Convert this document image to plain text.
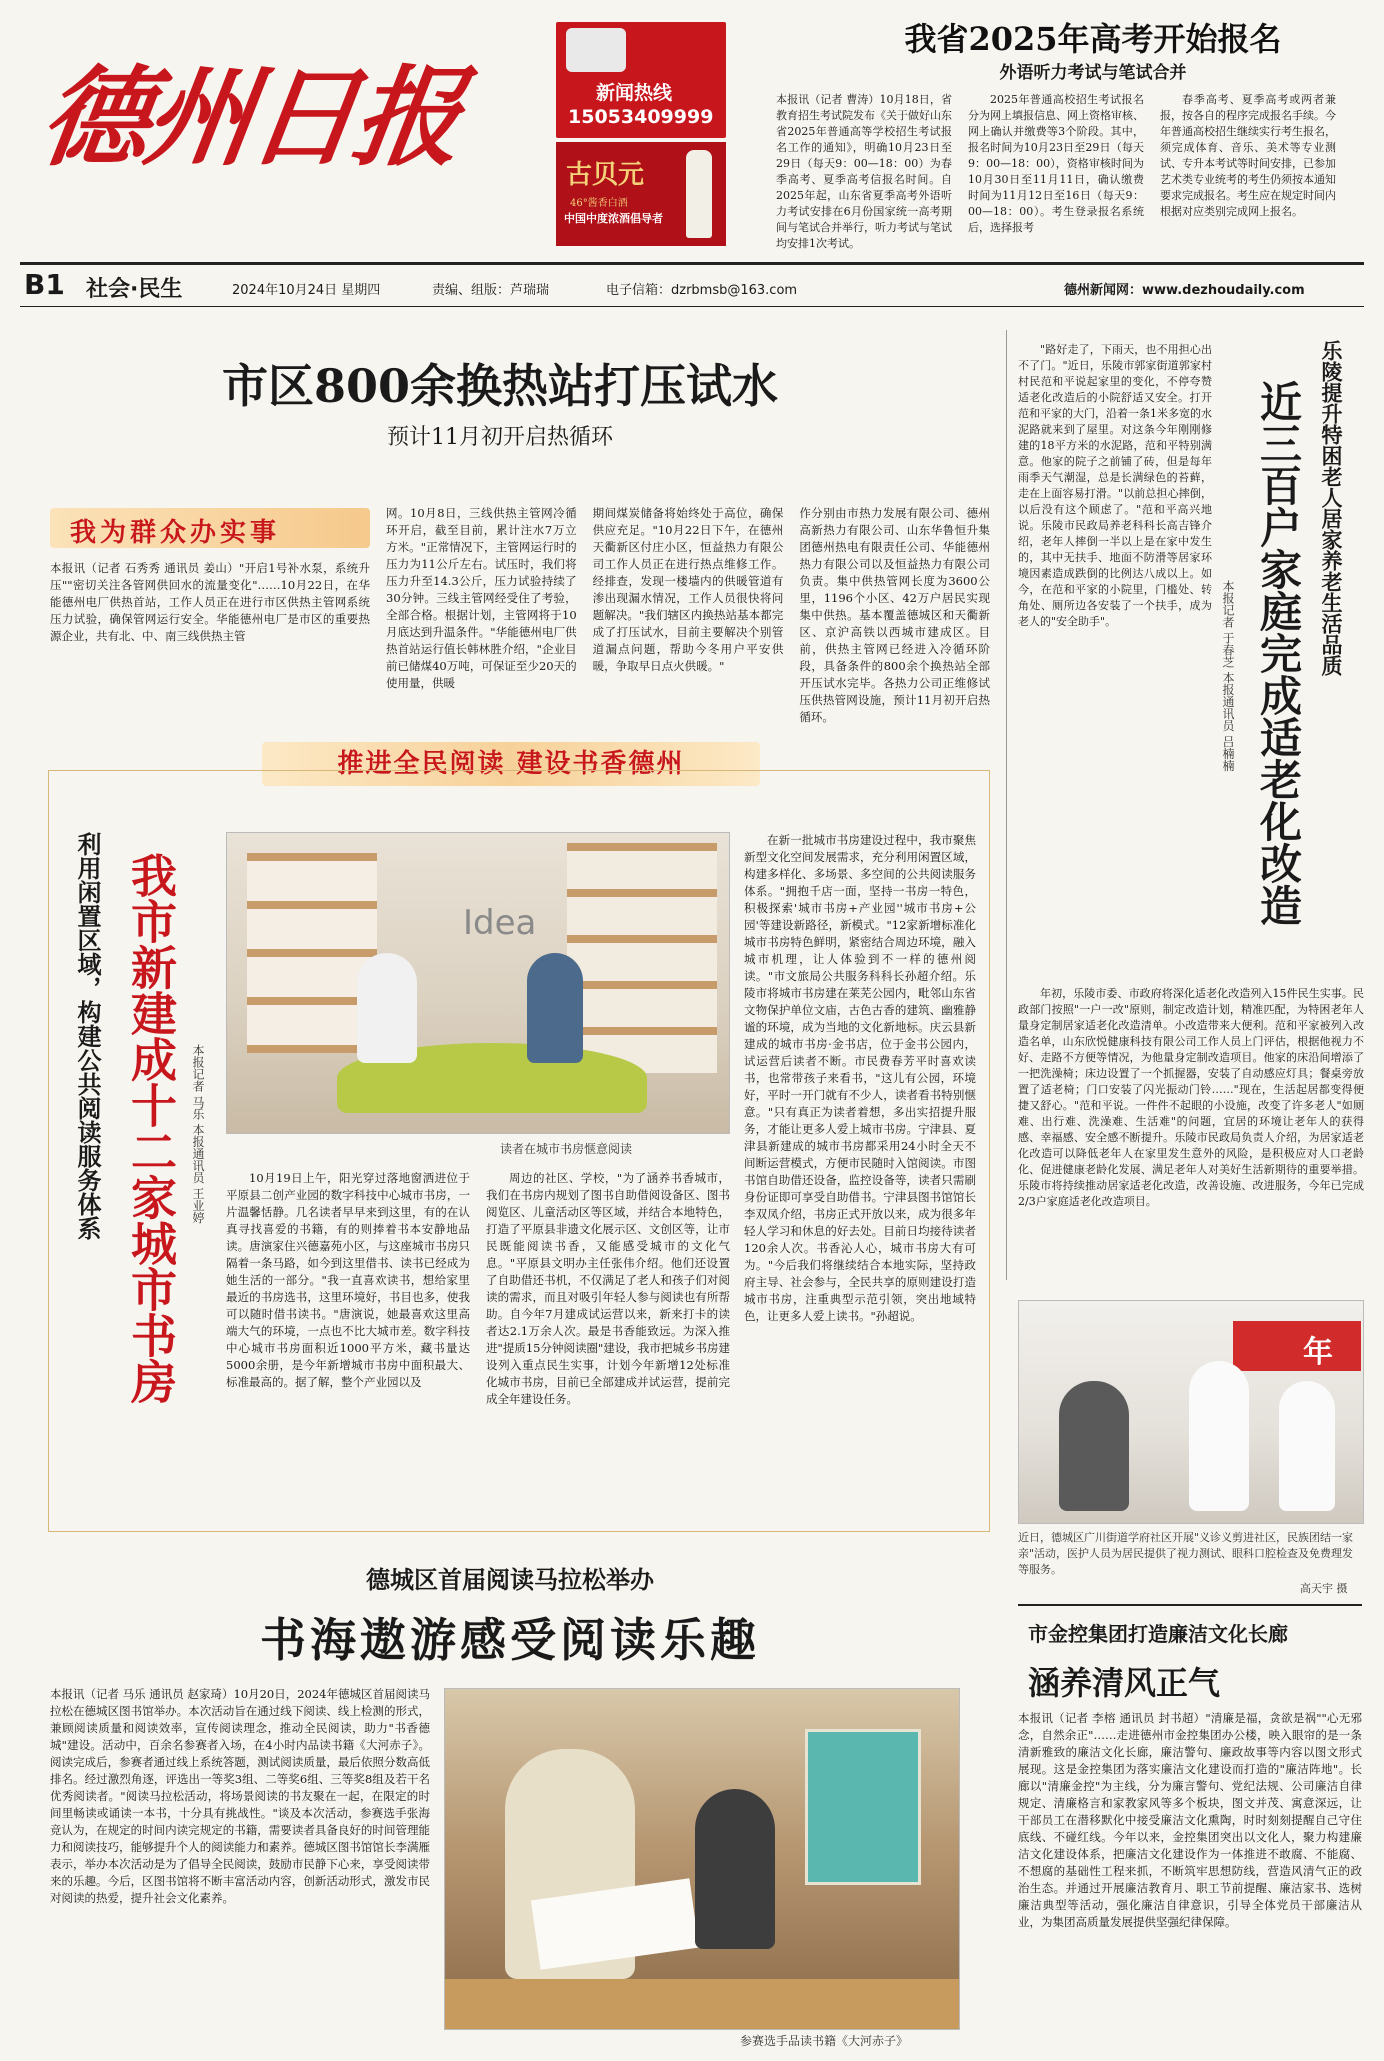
德州日报	新闻热线
15053409999
古贝元
46°酱香白酒
中国中度浓酒倡导者
我省2025年高考开始报名
外语听力考试与笔试合并

本报讯（记者 曹涛）10月18日，省教育招生考试院发布《关于做好山东省2025年普通高等学校招生考试报名工作的通知》，明确10月23日至29日（每天9：00—18：00）为春季高考、夏季高考信报名时间。自2025年起，山东省夏季高考外语听力考试安排在6月份国家统一高考期间与笔试合并举行，听力考试与笔试均安排1次考试。

2025年普通高校招生考试报名分为网上填报信息、网上资格审核、网上确认并缴费等3个阶段。其中，报名时间为10月23日至29日（每天9：00—18：00），资格审核时间为10月30日至11月11日，确认缴费时间为11月12日至16日（每天9：00—18：00）。考生登录报名系统后，选择报考

春季高考、夏季高考或两者兼报，按各自的程序完成报名手续。今年普通高校招生继续实行考生报名，须完成体育、音乐、美术等专业测试、专升本考试等时间安排，已参加艺术类专业统考的考生仍须按本通知要求完成报名。考生应在规定时间内根据对应类别完成网上报名。

B1 社会·民生	2024年10月24日 星期四	责编、组版：芦瑞瑞	电子信箱：dzrbmsb@163.com	德州新闻网：www.dezhoudaily.com
市区800余换热站打压试水
预计11月初开启热循环
我为群众办实事

本报讯（记者 石秀秀 通讯员 姜山）"开启1号补水泵，系统升压""密切关注各管网供回水的流量变化"……10月22日，在华能德州电厂供热首站，工作人员正在进行市区供热主管网系统压力试验，确保管网运行安全。华能德州电厂是市区的重要热源企业，共有北、中、南三线供热主管

网。10月8日，三线供热主管网冷循环开启，截至目前，累计注水7万立方米。"正常情况下，主管网运行时的压力为11公斤左右。试压时，我们将压力升至14.3公斤，压力试验持续了30分钟。三线主管网经受住了考验，全部合格。根据计划，主管网将于10月底达到升温条件。"华能德州电厂供热首站运行值长韩林胜介绍，"企业目前已储煤40万吨，可保证至少20天的使用量，供暖

期间煤炭储备将始终处于高位，确保供应充足。"10月22日下午，在德州天衢新区付庄小区，恒益热力有限公司工作人员正在进行热点维修工作。经排查，发现一楼墙内的供暖管道有渗出现漏水情况，工作人员很快将问题解决。"我们辖区内换热站基本都完成了打压试水，目前主要解决个别管道漏点问题，帮助今冬用户平安供暖，争取早日点火供暖。"

作分别由市热力发展有限公司、德州高新热力有限公司、山东华鲁恒升集团德州热电有限责任公司、华能德州热力有限公司以及恒益热力有限公司负责。集中供热管网长度为3600公里，1196个小区、42万户居民实现集中供热。基本覆盖德城区和天衢新区、京沪高铁以西城市建成区。目前，供热主管网已经进入冷循环阶段，具备条件的800余个换热站全部开压试水完毕。各热力公司正维修试压供热管网设施，预计11月初开启热循环。

乐陵提升特困老人居家养老生活品质
近三百户家庭完成适老化改造
本报记者 于春芝 本报通讯员 吕楠楠

"路好走了，下雨天，也不用担心出不了门。"近日，乐陵市郭家街道郭家村村民范和平说起家里的变化，不停夸赞适老化改造后的小院舒适又安全。打开范和平家的大门，沿着一条1米多宽的水泥路就来到了屋里。对这条今年刚刚修建的18平方米的水泥路，范和平特别满意。他家的院子之前铺了砖，但是每年雨季天气潮湿，总是长满绿色的苔藓，走在上面容易打滑。"以前总担心摔倒，以后没有这个顾虑了。"范和平高兴地说。乐陵市民政局养老科科长高吉锋介绍，老年人摔倒一半以上是在家中发生的，其中无扶手、地面不防滑等居家环境因素造成跌倒的比例达八成以上。如今，在范和平家的小院里，门槛处、转角处、厕所边各安装了一个扶手，成为老人的"安全助手"。

年初，乐陵市委、市政府将深化适老化改造列入15件民生实事。民政部门按照"一户一改"原则，制定改造计划，精准匹配，为特困老年人量身定制居家适老化改造清单。小改造带来大便利。范和平家被列入改造名单，山东欣悦健康科技有限公司工作人员上门评估，根据他视力不好、走路不方便等情况，为他量身定制改造项目。他家的床沿间增添了一把洗澡椅；床边设置了一个抓握器，安装了自动感应灯具；餐桌旁放置了适老椅；门口安装了闪光振动门铃……"现在，生活起居都变得便捷又舒心。"范和平说。一件件不起眼的小设施，改变了许多老人"如厕难、出行难、洗澡难、生活难"的问题，宜居的环境让老年人的获得感、幸福感、安全感不断提升。乐陵市民政局负责人介绍，为居家适老化改造可以降低老年人在家里发生意外的风险，是积极应对人口老龄化、促进健康老龄化发展、满足老年人对美好生活新期待的重要举措。乐陵市将持续推动居家适老化改造，改善设施、改进服务，今年已完成2/3户家庭适老化改造项目。

推进全民阅读 建设书香德州
利用闲置区域，构建公共阅读服务体系 我市新建成十二家城市书房	本报记者 马乐 本报通讯员 王业婷
Idea
读者在城市书房惬意阅读

10月19日上午，阳光穿过落地窗洒进位于平原县二创产业园的数字科技中心城市书房，一片温馨恬静。几名读者早早来到这里，有的在认真寻找喜爱的书籍，有的则捧着书本安静地品读。唐演家住兴德嘉苑小区，与这座城市书房只隔着一条马路，如今到这里借书、读书已经成为她生活的一部分。"我一直喜欢读书，想给家里最近的书房选书，这里环境好，书目也多，使我可以随时借书读书。"唐演说，她最喜欢这里高端大气的环境，一点也不比大城市差。数字科技中心城市书房面积近1000平方米，藏书量达5000余册，是今年新增城市书房中面积最大、标准最高的。据了解，整个产业园以及

周边的社区、学校，"为了涵养书香城市，我们在书房内规划了图书自助借阅设备区、图书阅览区、儿童活动区等区域，并结合本地特色，打造了平原县非遗文化展示区、文创区等，让市民既能阅读书香，又能感受城市的文化气息。"平原县文明办主任张伟介绍。他们还设置了自助借还书机，不仅满足了老人和孩子们对阅读的需求，而且对吸引年轻人参与阅读也有所帮助。自今年7月建成试运营以来，新来打卡的读者达2.1万余人次。最是书香能致远。为深入推进"提质15分钟阅读圈"建设，我市把城乡书房建设列入重点民生实事，计划今年新增12处标准化城市书房，目前已全部建成并试运营，提前完成全年建设任务。

在新一批城市书房建设过程中，我市聚焦新型文化空间发展需求，充分利用闲置区域，构建多样化、多场景、多空间的公共阅读服务体系。"拥抱千店一面，坚持一书房一特色，积极探索'城市书房+产业园''城市书房+公园'等建设新路径，新模式。"12家新增标准化城市书房特色鲜明，紧密结合周边环境，融入城市机理，让人体验到不一样的德州阅读。"市文旅局公共服务科科长孙超介绍。乐陵市将城市书房建在莱芜公园内，毗邻山东省文物保护单位文庙，古色古香的建筑、幽雅静谧的环境，成为当地的文化新地标。庆云县新建成的城市书房·金书店，位于金书公园内，试运营后读者不断。市民费春芳平时喜欢读书，也常带孩子来看书，"这儿有公园，环境好，平时一开门就有不少人，读者看书特别惬意。"只有真正为读者着想，多出实招提升服务，才能让更多人爱上城市书房。宁津县、夏津县新建成的城市书房都采用24小时全天不间断运营模式，方便市民随时入馆阅读。市图书馆自助借还设备，监控设备等，读者只需刷身份证即可享受自助借书。宁津县图书馆馆长李双凤介绍，书房正式开放以来，成为很多年轻人学习和休息的好去处。目前日均接待读者120余人次。书香沁人心，城市书房大有可为。"今后我们将继续结合本地实际，坚持政府主导、社会参与，全民共享的原则建设打造城市书房，注重典型示范引领，突出地域特色，让更多人爱上读书。"孙超说。

德城区首届阅读马拉松举办
书海遨游感受阅读乐趣

本报讯（记者 马乐 通讯员 赵家琦）10月20日，2024年德城区首届阅读马拉松在德城区图书馆举办。本次活动旨在通过线下阅读、线上检测的形式，兼顾阅读质量和阅读效率，宣传阅读理念，推动全民阅读，助力"书香德城"建设。活动中，百余名参赛者入场，在4小时内品读书籍《大河赤子》。阅读完成后，参赛者通过线上系统答题，测试阅读质量，最后依照分数高低排名。经过激烈角逐，评选出一等奖3组、二等奖6组、三等奖8组及若干名优秀阅读者。"阅读马拉松活动，将场景阅读的书友聚在一起，在限定的时间里畅读或诵读一本书，十分具有挑战性。"谈及本次活动，参赛选手张海竞认为，在规定的时间内读完规定的书籍，需要读者具备良好的时间管理能力和阅读技巧，能够提升个人的阅读能力和素养。德城区图书馆馆长李满雁表示，举办本次活动是为了倡导全民阅读，鼓励市民静下心来，享受阅读带来的乐趣。今后，区图书馆将不断丰富活动内容，创新活动形式，激发市民对阅读的热爱，提升社会文化素养。

参赛选手品读书籍《大河赤子》
年
近日，德城区广川街道学府社区开展"义诊义剪进社区，民族团结一家亲"活动，医护人员为居民提供了视力测试、眼科口腔检查及免费理发等服务。
高天宇 摄
市金控集团打造廉洁文化长廊
涵养清风正气

本报讯（记者 李榕 通讯员 封书超）"清廉是福，贪欲是祸""心无邪念，自然余正"……走进德州市金控集团办公楼，映入眼帘的是一条清新雅致的廉洁文化长廊，廉洁警句、廉政故事等内容以图文形式展现。这是金控集团为落实廉洁文化建设而打造的"廉洁阵地"。长廊以"清廉金控"为主线，分为廉言警句、党纪法规、公司廉洁自律规定、清廉格言和家教家风等多个板块，图文并茂、寓意深远，让干部员工在潜移默化中接受廉洁文化熏陶，时时刻刻提醒自己守住底线、不碰红线。今年以来，金控集团突出以文化人，聚力构建廉洁文化建设体系，把廉洁文化建设作为一体推进不敢腐、不能腐、不想腐的基础性工程来抓，不断筑牢思想防线，营造风清气正的政治生态。并通过开展廉洁教育月、职工节前提醒、廉洁家书、选树廉洁典型等活动，强化廉洁自律意识，引导全体党员干部廉洁从业，为集团高质量发展提供坚强纪律保障。
